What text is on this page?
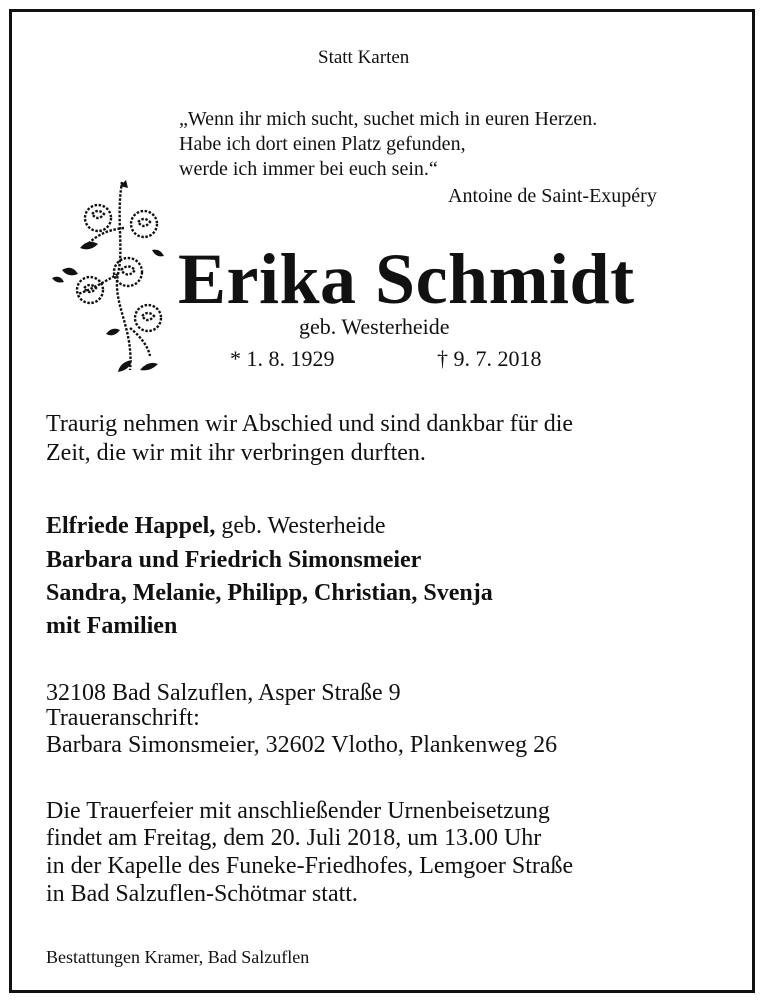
Statt Karten
„Wenn ihr mich sucht, suchet mich in euren Herzen.
Habe ich dort einen Platz gefunden,
werde ich immer bei euch sein.“
Antoine de Saint-Exupéry
Erika Schmidt
geb. Westerheide
* 1. 8. 1929	† 9. 7. 2018
Traurig nehmen wir Abschied und sind dankbar für die
Zeit, die wir mit ihr verbringen durften.
Elfriede Happel, geb. Westerheide
Barbara und Friedrich Simonsmeier
Sandra, Melanie, Philipp, Christian, Svenja
mit Familien
32108 Bad Salzuflen, Asper Straße 9
Traueranschrift:
Barbara Simonsmeier, 32602 Vlotho, Plankenweg 26
Die Trauerfeier mit anschließender Urnenbeisetzung
findet am Freitag, dem 20. Juli 2018, um 13.00 Uhr
in der Kapelle des Funeke-Friedhofes, Lemgoer Straße
in Bad Salzuflen-Schötmar statt.
Bestattungen Kramer, Bad Salzuflen
